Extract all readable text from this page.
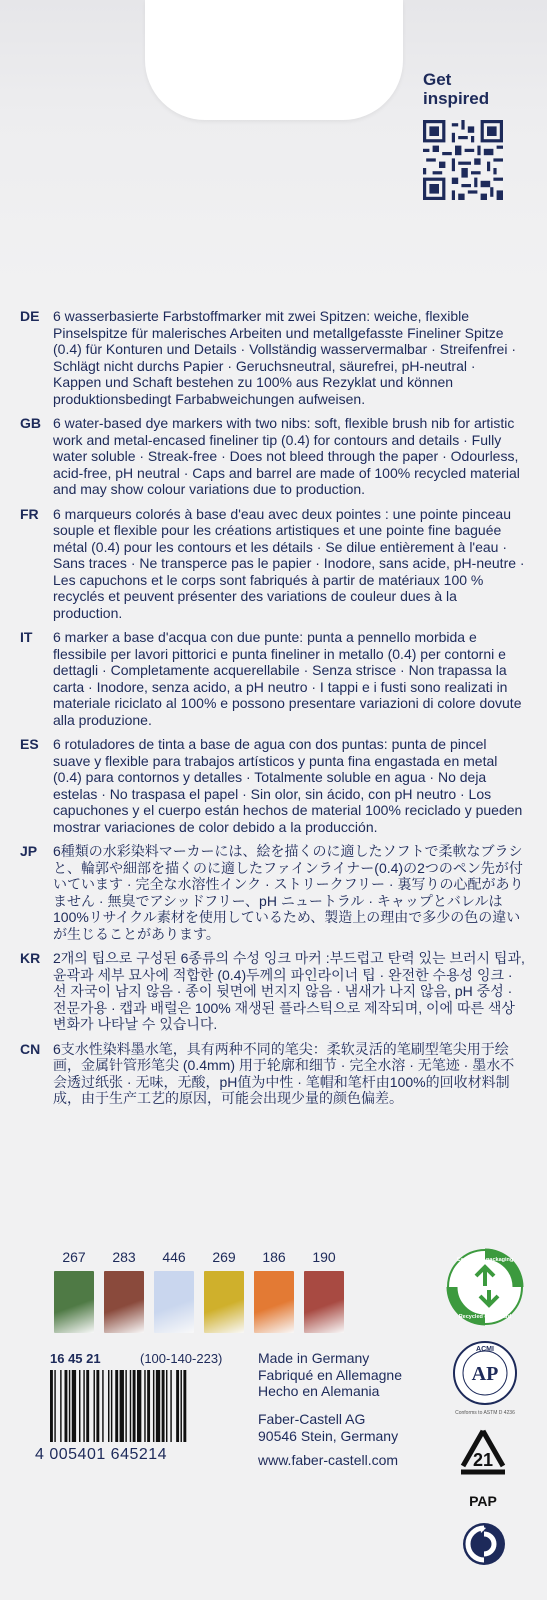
Get
inspired
DE 6 wasserbasierte Farbstoffmarker mit zwei Spitzen: weiche, flexible Pinselspitze für malerisches Arbeiten und metallgefasste Fineliner Spitze (0.4) für Konturen und Details · Vollständig wasservermalbar · Streifenfrei · Schlägt nicht durchs Papier · Geruchsneutral, säurefrei, pH-neutral · Kappen und Schaft bestehen zu 100% aus Rezyklat und können produktionsbedingt Farbabweichungen aufweisen.
GB 6 water-based dye markers with two nibs: soft, flexible brush nib for artistic work and metal-encased fineliner tip (0.4) for contours and details · Fully water soluble · Streak-free · Does not bleed through the paper · Odourless, acid-free, pH neutral · Caps and barrel are made of 100% recycled material and may show colour variations due to production.
FR	6 marqueurs colorés à base d'eau avec deux pointes : une pointe pinceau souple et flexible pour les créations artistiques et une pointe fine baguée métal (0.4) pour les contours et les détails · Se dilue entièrement à l'eau · Sans traces · Ne transperce pas le papier · Inodore, sans acide, pH-neutre · Les capuchons et le corps sont fabriqués à partir de matériaux 100 % recyclés et peuvent présenter des variations de couleur dues à la production.
IT	6 marker a base d'acqua con due punte: punta a pennello morbida e flessibile per lavori pittorici e punta fineliner in metallo (0.4) per contorni e dettagli · Completamente acquerellabile · Senza strisce · Non trapassa la carta · Inodore, senza acido, a pH neutro · I tappi e i fusti sono realizati in materiale riciclato al 100% e possono presentare variazioni di colore dovute alla produzione.
ES	6 rotuladores de tinta a base de agua con dos puntas: punta de pincel suave y flexible para trabajos artísticos y punta fina engastada en metal (0.4) para contornos y detalles · Totalmente soluble en agua · No deja estelas · No traspasa el papel · Sin olor, sin ácido, con pH neutro · Los capuchones y el cuerpo están hechos de material 100% reciclado y pueden mostrar variaciones de color debido a la producción.
JP	6種類の水彩染料マーカーには、絵を描くのに適したソフトで柔軟なブラシと、輪郭や細部を描くのに適したファインライナー(0.4)の2つのペン先が付いています · 完全な水溶性インク · ストリークフリー · 裏写りの心配がありません · 無臭でアシッドフリー、pH ニュートラル · キャップとバレルは100%リサイクル素材を使用しているため、製造上の理由で多少の色の違いが生じることがあります。
KR 2개의 팁으로 구성된 6종류의 수성 잉크 마커 :부드럽고 탄력 있는 브러시 팁과, 윤곽과 세부 묘사에 적합한 (0.4)두께의 파인라이너 팁 · 완전한 수용성 잉크 · 선 자국이 남지 않음 · 종이 뒷면에 번지지 않음 · 냄새가 나지 않음, pH 중성 · 전문가용 · 캡과 배럴은 100% 재생된 플라스틱으로 제작되며, 이에 따른 색상 변화가 나타날 수 있습니다.
CN 6支水性染料墨水笔，具有两种不同的笔尖：柔软灵活的笔刷型笔尖用于绘画，金属针管形笔尖 (0.4mm) 用于轮廓和细节 · 完全水溶 · 无笔迹 · 墨水不会透过纸张 · 无味，无酸，pH值为中性 · 笔帽和笔杆由100%的回收材料制成，由于生产工艺的原因，可能会出现少量的颜色偏差。
267	283	446	269	186	190
16 45 21	(100-140-223)
4 005401 645214
Made in Germany
Fabriqué en Allemagne
Hecho en Alemania
Faber-Castell AG
90546 Stein, Germany
www.faber-castell.com
Cardboard packaging
Recycled cardboard
ACMI
AP
Conforms to ASTM D 4236
21
PAP
